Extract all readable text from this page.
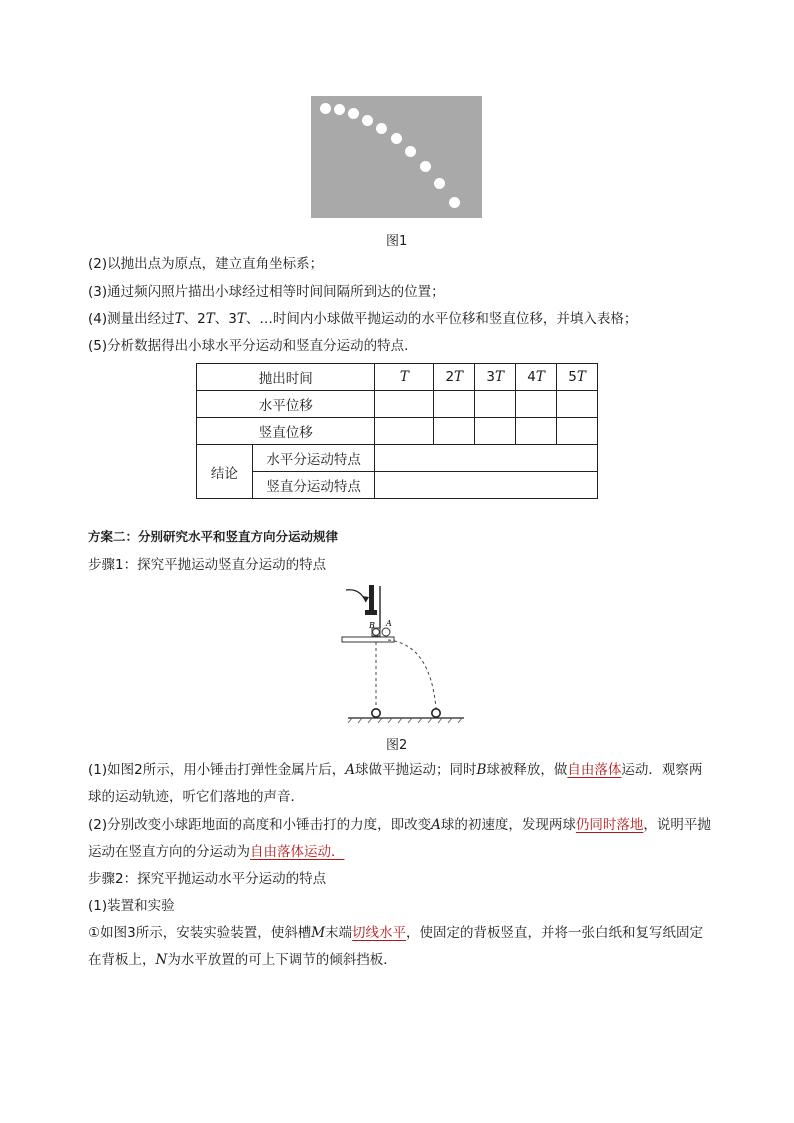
图1
(2)以抛出点为原点，建立直角坐标系；
(3)通过频闪照片描出小球经过相等时间间隔所到达的位置；
(4)测量出经过T、2T、3T、…时间内小球做平抛运动的水平位移和竖直位移，并填入表格；
(5)分析数据得出小球水平分运动和竖直分运动的特点.
抛出时间		T	2T	3T	4T	5T
水平位移						
竖直位移						
结论	水平分运动特点					
	竖直分运动特点					
方案二：分别研究水平和竖直方向分运动规律
步骤1：探究平抛运动竖直分运动的特点
B A
图2
(1)如图2所示，用小锤击打弹性金属片后，A球做平抛运动；同时B球被释放，做自由落体运动．观察两
球的运动轨迹，听它们落地的声音．
(2)分别改变小球距地面的高度和小锤击打的力度，即改变A球的初速度，发现两球仍同时落地，说明平抛
运动在竖直方向的分运动为自由落体运动．
步骤2：探究平抛运动水平分运动的特点
(1)装置和实验
①如图3所示，安装实验装置，使斜槽M末端切线水平，使固定的背板竖直，并将一张白纸和复写纸固定
在背板上，N为水平放置的可上下调节的倾斜挡板．
